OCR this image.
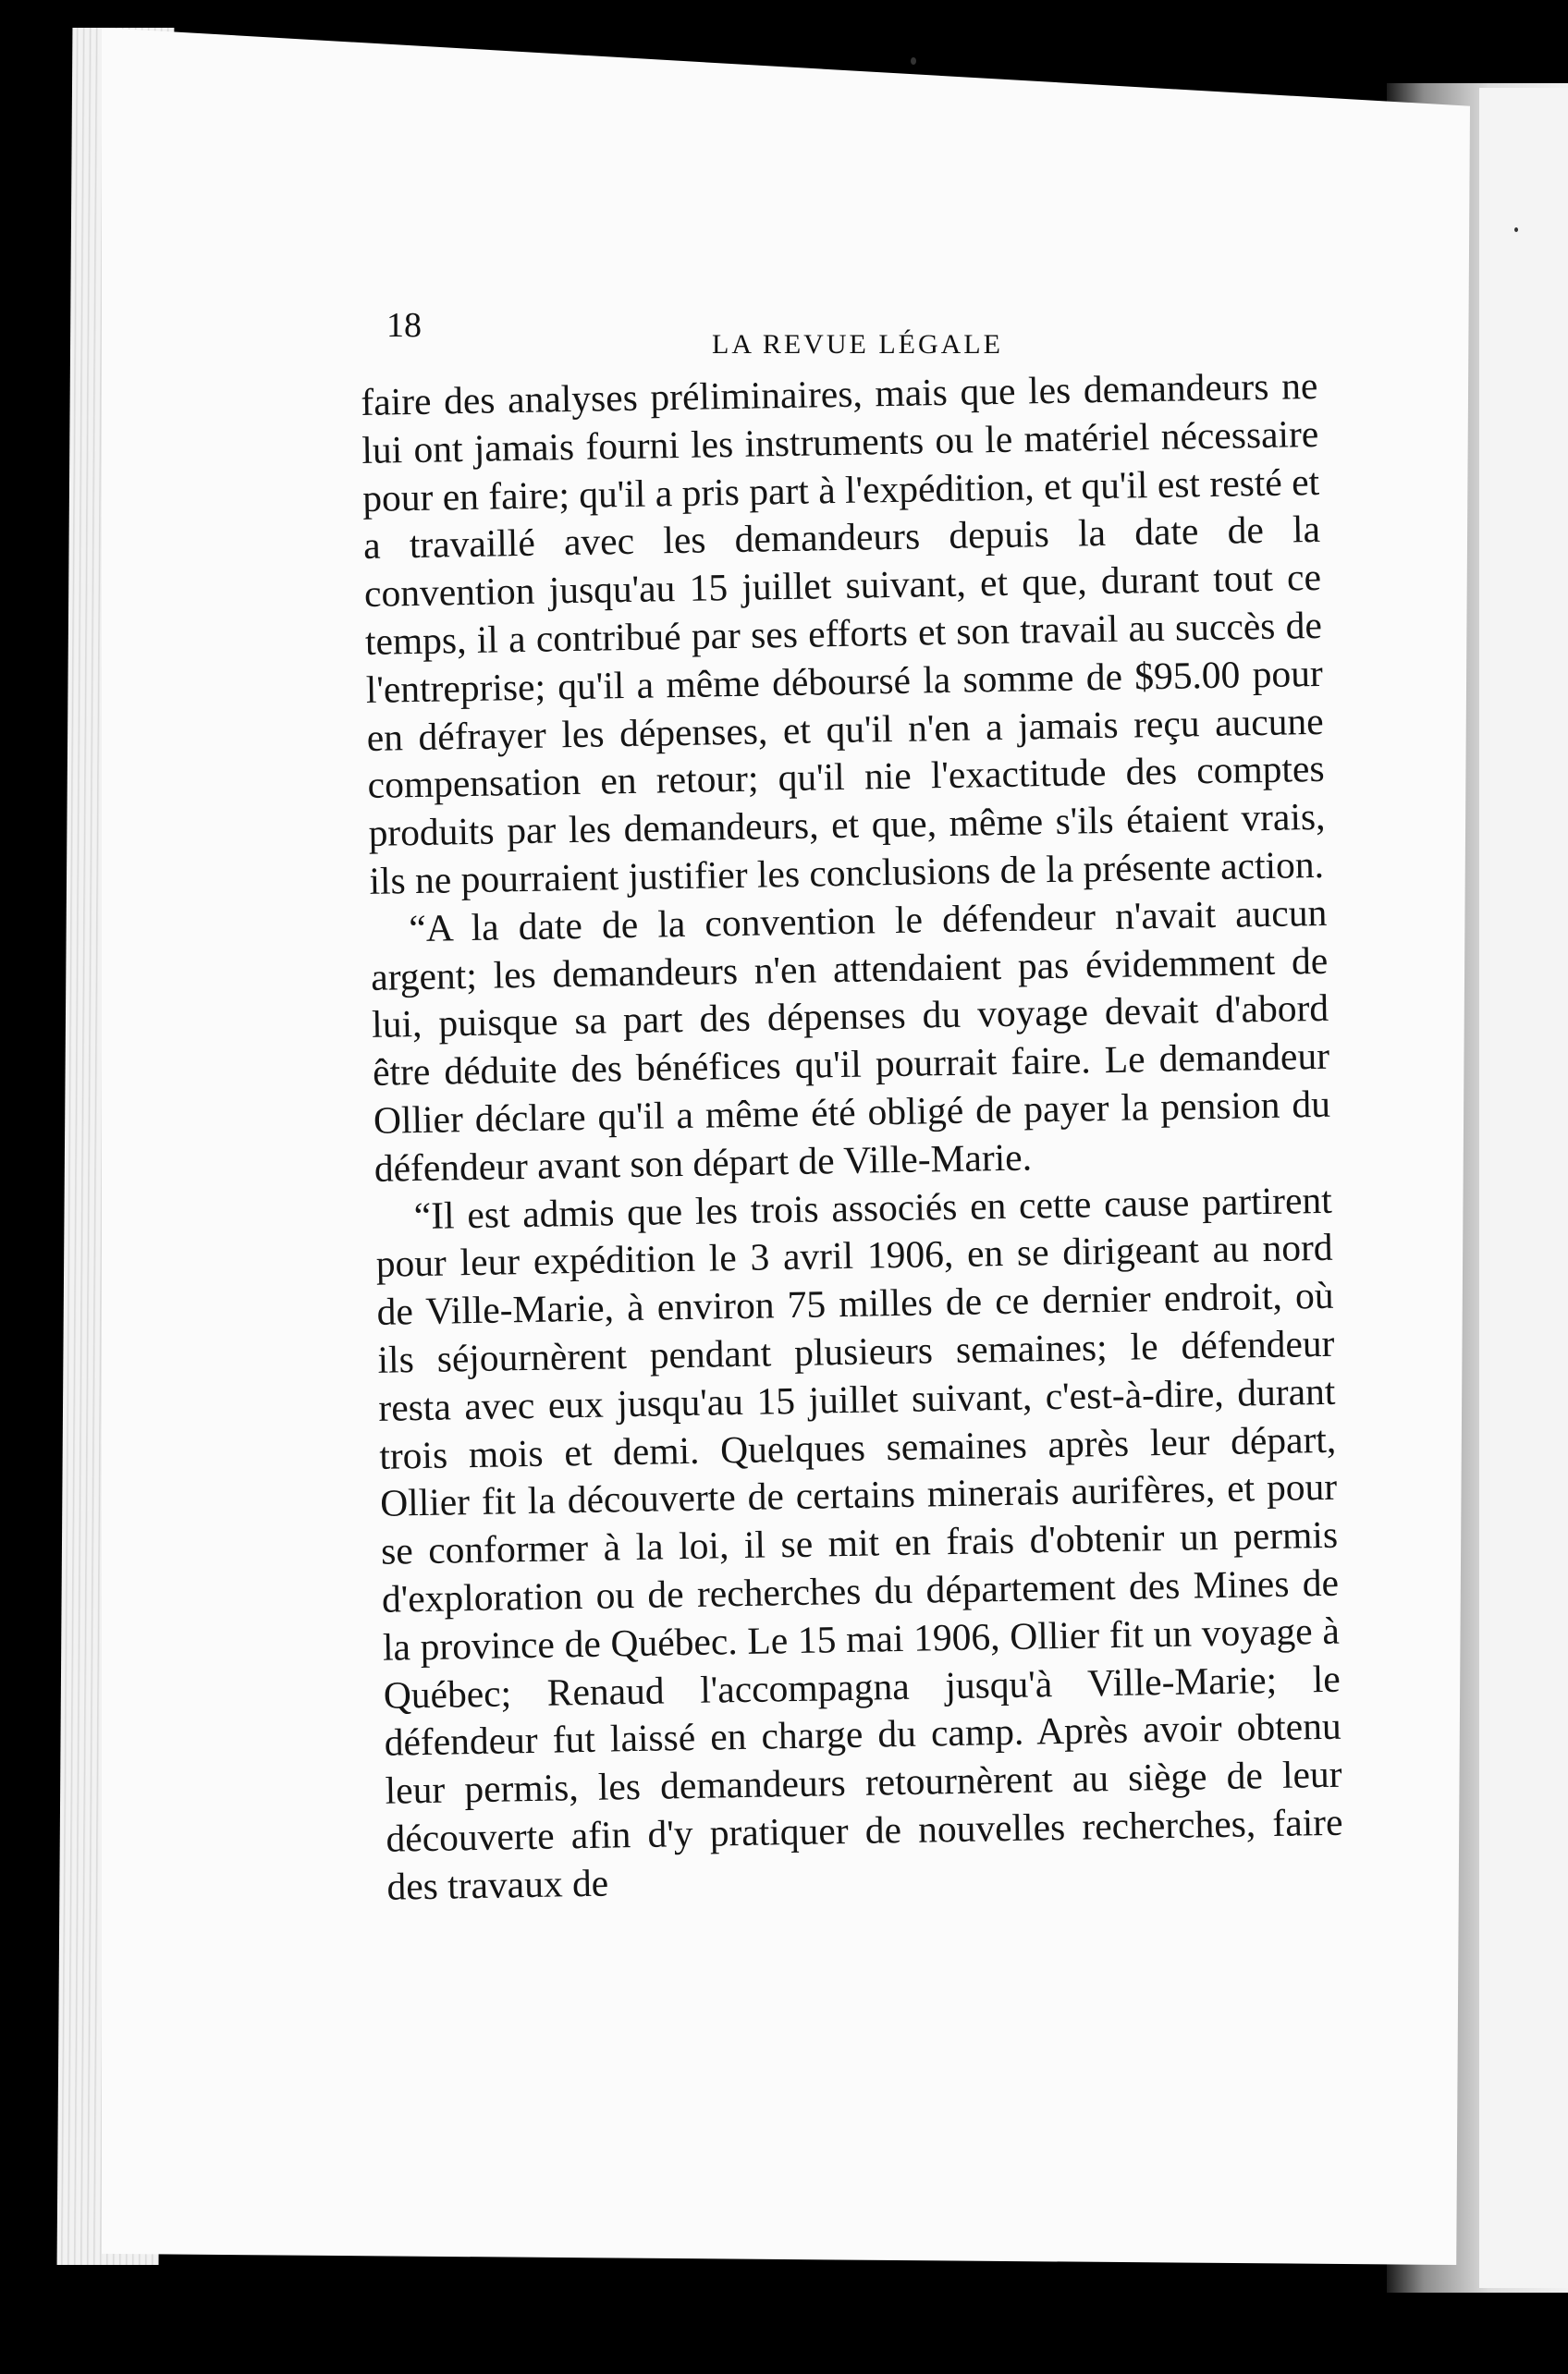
18	LA REVUE LÉGALE

faire des analyses préliminaires, mais que les demandeurs ne lui ont jamais fourni les instruments ou le matériel nécessaire pour en faire; qu'il a pris part à l'expédition, et qu'il est resté et a travaillé avec les demandeurs depuis la date de la convention jusqu'au 15 juillet suivant, et que, durant tout ce temps, il a contribué par ses efforts et son travail au succès de l'entreprise; qu'il a même déboursé la somme de $95.00 pour en défrayer les dépenses, et qu'il n'en a jamais reçu aucune compensation en retour; qu'il nie l'exactitude des comptes produits par les demandeurs, et que, même s'ils étaient vrais, ils ne pourraient justifier les conclusions de la présente action.

“A la date de la convention le défendeur n'avait aucun argent; les demandeurs n'en attendaient pas évidemment de lui, puisque sa part des dépenses du voyage devait d'abord être déduite des bénéfices qu'il pourrait faire. Le demandeur Ollier déclare qu'il a même été obligé de payer la pension du défendeur avant son départ de Ville-Marie.

“Il est admis que les trois associés en cette cause partirent pour leur expédition le 3 avril 1906, en se dirigeant au nord de Ville-Marie, à environ 75 milles de ce dernier endroit, où ils séjournèrent pendant plusieurs semaines; le défendeur resta avec eux jusqu'au 15 juillet suivant, c'est-à-dire, durant trois mois et demi. Quelques semaines après leur départ, Ollier fit la découverte de certains minerais aurifères, et pour se conformer à la loi, il se mit en frais d'obtenir un permis d'exploration ou de recherches du département des Mines de la province de Québec. Le 15 mai 1906, Ollier fit un voyage à Québec; Renaud l'accompagna jusqu'à Ville-Marie; le défendeur fut laissé en charge du camp. Après avoir obtenu leur permis, les demandeurs retournèrent au siège de leur découverte afin d'y pratiquer de nouvelles recherches, faire des travaux de
